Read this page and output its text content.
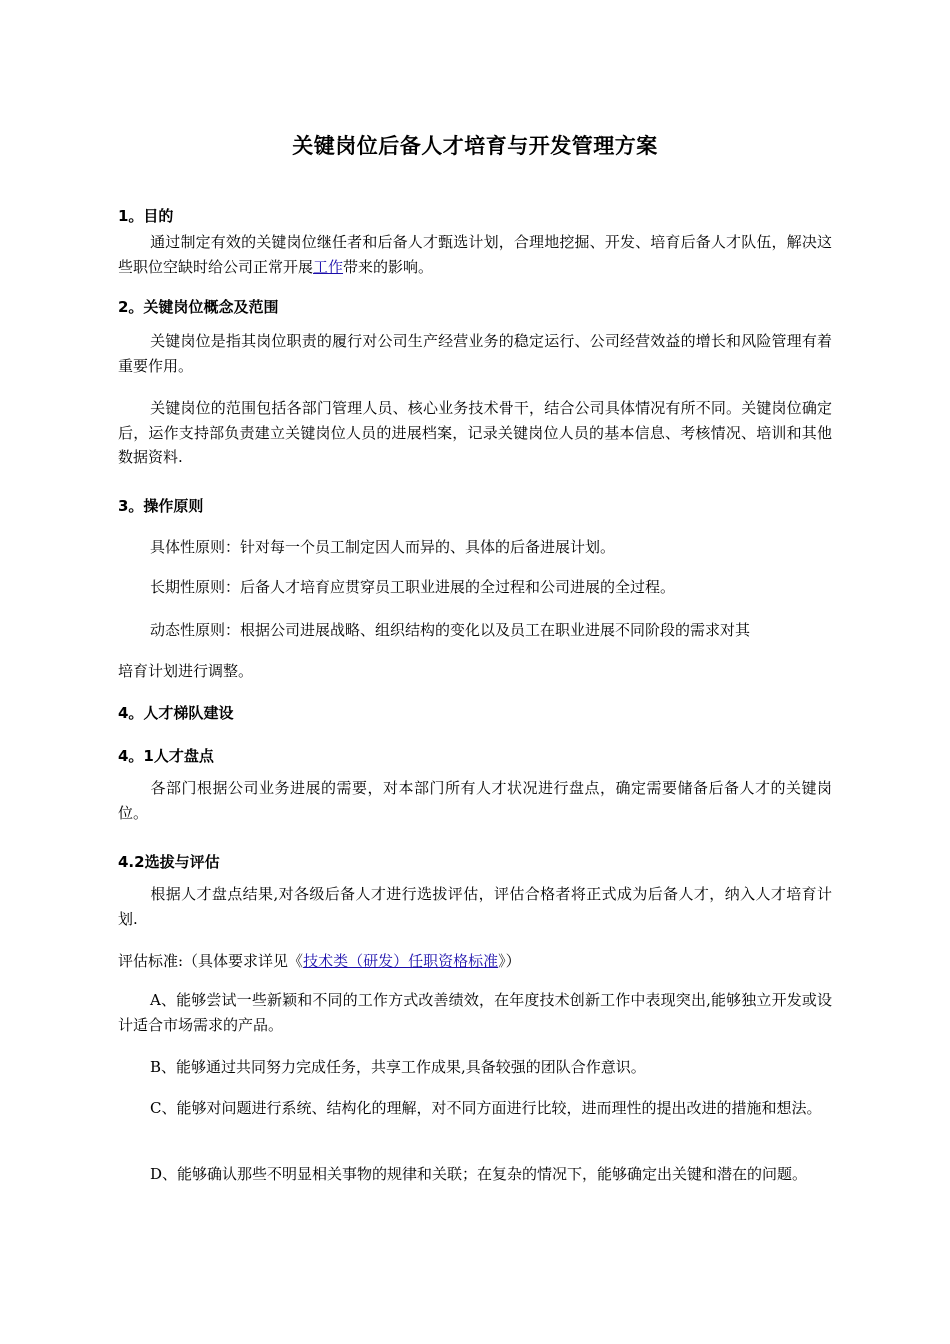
关键岗位后备人才培育与开发管理方案
1。目的
通过制定有效的关键岗位继任者和后备人才甄选计划，合理地挖掘、开发、培育后备人才队伍，解决这些职位空缺时给公司正常开展工作带来的影响。
2。关键岗位概念及范围
关键岗位是指其岗位职责的履行对公司生产经营业务的稳定运行、公司经营效益的增长和风险管理有着重要作用。
关键岗位的范围包括各部门管理人员、核心业务技术骨干，结合公司具体情况有所不同。关键岗位确定后，运作支持部负责建立关键岗位人员的进展档案，记录关键岗位人员的基本信息、考核情况、培训和其他数据资料.
3。操作原则
具体性原则：针对每一个员工制定因人而异的、具体的后备进展计划。
长期性原则：后备人才培育应贯穿员工职业进展的全过程和公司进展的全过程。
动态性原则：根据公司进展战略、组织结构的变化以及员工在职业进展不同阶段的需求对其
培育计划进行调整。
4。人才梯队建设
4。1人才盘点
各部门根据公司业务进展的需要，对本部门所有人才状况进行盘点，确定需要储备后备人才的关键岗位。
4.2选拔与评估
根据人才盘点结果,对各级后备人才进行选拔评估，评估合格者将正式成为后备人才，纳入人才培育计划.
评估标准:（具体要求详见《技术类（研发）任职资格标准》）
A、能够尝试一些新颖和不同的工作方式改善绩效，在年度技术创新工作中表现突出,能够独立开发或设计适合市场需求的产品。
B、能够通过共同努力完成任务，共享工作成果,具备较强的团队合作意识。
C、能够对问题进行系统、结构化的理解，对不同方面进行比较，进而理性的提出改进的措施和想法。
D、能够确认那些不明显相关事物的规律和关联；在复杂的情况下，能够确定出关键和潜在的问题。
